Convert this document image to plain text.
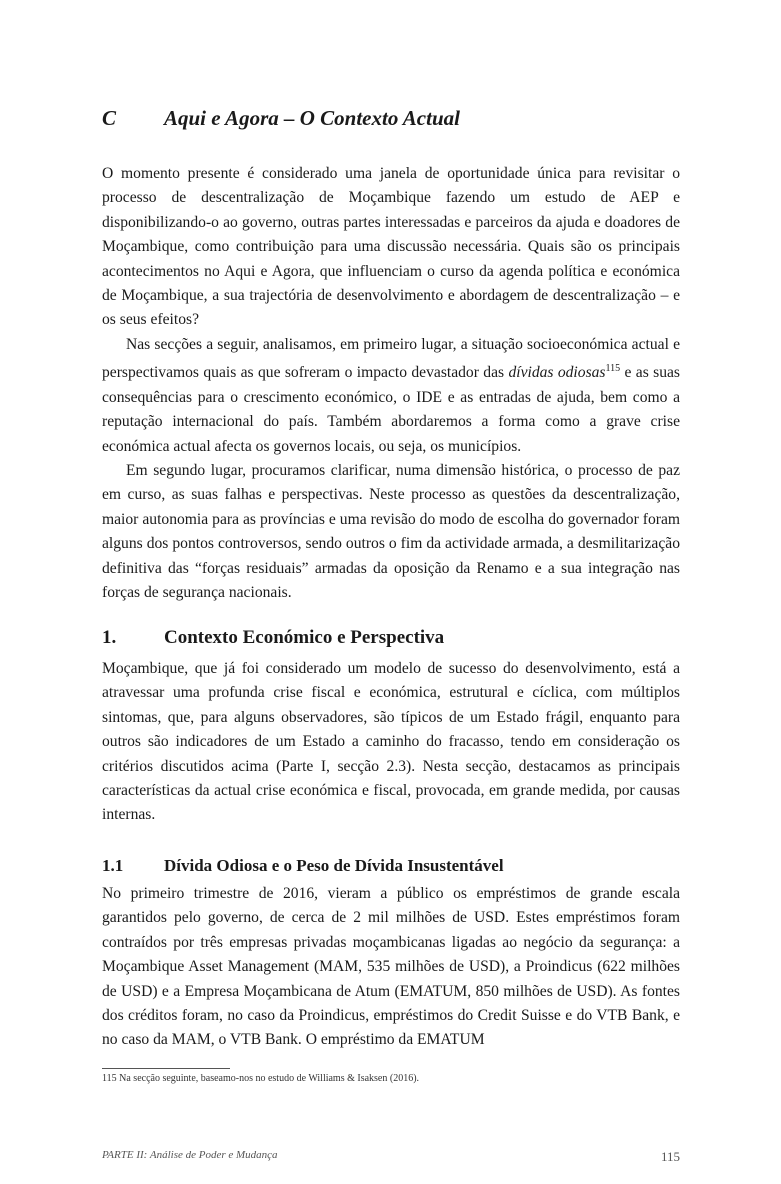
C Aqui e Agora – O Contexto Actual

O momento presente é considerado uma janela de oportunidade única para revisitar o processo de descentralização de Moçambique fazendo um estudo de AEP e disponibilizando-o ao governo, outras partes interessadas e parceiros da ajuda e doadores de Moçambique, como contribuição para uma discussão necessária. Quais são os principais acontecimentos no Aqui e Agora, que influenciam o curso da agenda política e económica de Moçambique, a sua trajectória de desenvolvimento e abordagem de descentralização – e os seus efeitos?

Nas secções a seguir, analisamos, em primeiro lugar, a situação socioeconómica actual e perspectivamos quais as que sofreram o impacto devastador das dívidas odiosas$^{115}$ e as suas consequências para o crescimento económico, o IDE e as entradas de ajuda, bem como a reputação internacional do país. Também abordaremos a forma como a grave crise económica actual afecta os governos locais, ou seja, os municípios.

Em segundo lugar, procuramos clarificar, numa dimensão histórica, o processo de paz em curso, as suas falhas e perspectivas. Neste processo as questões da descentralização, maior autonomia para as províncias e uma revisão do modo de escolha do governador foram alguns dos pontos controversos, sendo outros o fim da actividade armada, a desmilitarização definitiva das “forças residuais” armadas da oposição da Renamo e a sua integração nas forças de segurança nacionais.

1.	Contexto Económico e Perspectiva

Moçambique, que já foi considerado um modelo de sucesso do desenvolvimento, está a atravessar uma profunda crise fiscal e económica, estrutural e cíclica, com múltiplos sintomas, que, para alguns observadores, são típicos de um Estado frágil, enquanto para outros são indicadores de um Estado a caminho do fracasso, tendo em consideração os critérios discutidos acima (Parte I, secção 2.3). Nesta secção, destacamos as principais características da actual crise económica e fiscal, provocada, em grande medida, por causas internas.

1.1 Dívida Odiosa e o Peso de Dívida Insustentável

No primeiro trimestre de 2016, vieram a público os empréstimos de grande escala garantidos pelo governo, de cerca de 2 mil milhões de USD. Estes empréstimos foram contraídos por três empresas privadas moçambicanas ligadas ao negócio da segurança: a Moçambique Asset Management (MAM, 535 milhões de USD), a Proindicus (622 milhões de USD) e a Empresa Moçambicana de Atum (EMATUM, 850 milhões de USD). As fontes dos créditos foram, no caso da Proindicus, empréstimos do Credit Suisse e do VTB Bank, e no caso da MAM, o VTB Bank. O empréstimo da EMATUM

115 Na secção seguinte, baseamo-nos no estudo de Williams & Isaksen (2016).
PARTE II: Análise de Poder e Mudança	115
